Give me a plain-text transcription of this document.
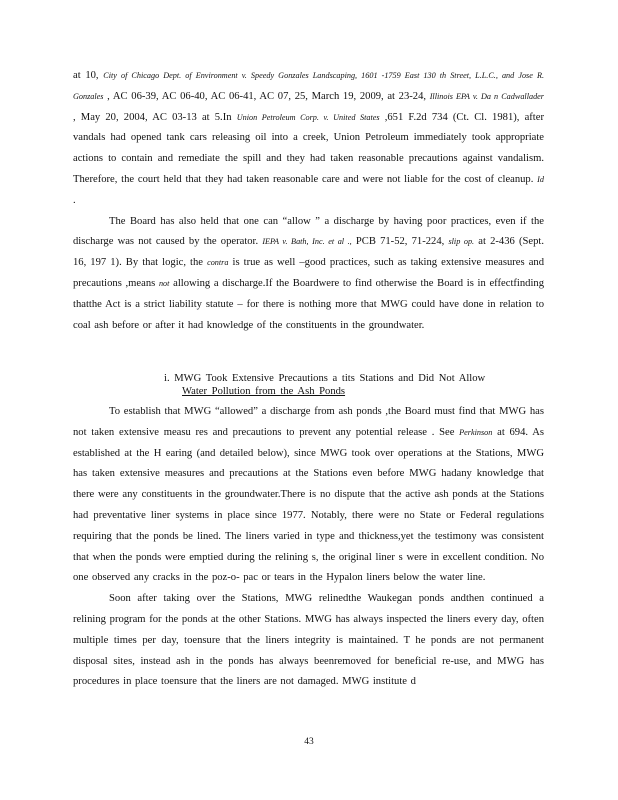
at 10, City of Chicago Dept. of Environment v. Speedy Gonzales Landscaping, 1601 -1759 East 130 th Street, L.L.C., and Jose R. Gonzales , AC 06-39, AC 06-40, AC 06-41, AC 07, 25, March 19, 2009, at 23-24, Illinois EPA v. Da n Cadwallader , May 20, 2004, AC 03-13 at 5.In Union Petroleum Corp. v. United States ,651 F.2d 734 (Ct. Cl. 1981), after vandals had opened tank cars releasing oil into a creek, Union Petroleum immediately took appropriate actions to contain and remediate the spill and they had taken reasonable precautions against vandalism. Therefore, the court held that they had taken reasonable care and were not liable for the cost of cleanup. Id .

The Board has also held that one can “allow ” a discharge by having poor practices, even if the discharge was not caused by the operator. IEPA v. Bath, Inc. et al ., PCB 71-52, 71-224, slip op. at 2-436 (Sept. 16, 197 1). By that logic, the contra is true as well –good practices, such as taking extensive measures and precautions ,means not allowing a discharge.If the Boardwere to find otherwise the Board is in effectfinding thatthe Act is a strict liability statute – for there is nothing more that MWG could have done in relation to coal ash before or after it had knowledge of the constituents in the groundwater.

i. MWG Took Extensive Precautions a tits Stations and Did Not Allow
Water Pollution from the Ash Ponds

To establish that MWG “allowed” a discharge from ash ponds ,the Board must find that MWG has not taken extensive measu res and precautions to prevent any potential release . See Perkinson at 694. As established at the H earing (and detailed below), since MWG took over operations at the Stations, MWG has taken extensive measures and precautions at the Stations even before MWG hadany knowledge that there were any constituents in the groundwater.There is no dispute that the active ash ponds at the Stations had preventative liner systems in place since 1977. Notably, there were no State or Federal regulations requiring that the ponds be lined. The liners varied in type and thickness,yet the testimony was consistent that when the ponds were emptied during the relining s, the original liner s were in excellent condition. No one observed any cracks in the poz-o- pac or tears in the Hypalon liners below the water line.

Soon after taking over the Stations, MWG relinedthe Waukegan ponds andthen continued a relining program for the ponds at the other Stations. MWG has always inspected the liners every day, often multiple times per day, toensure that the liners integrity is maintained. T he ponds are not permanent disposal sites, instead ash in the ponds has always beenremoved for beneficial re-use, and MWG has procedures in place toensure that the liners are not damaged. MWG institute d

43
